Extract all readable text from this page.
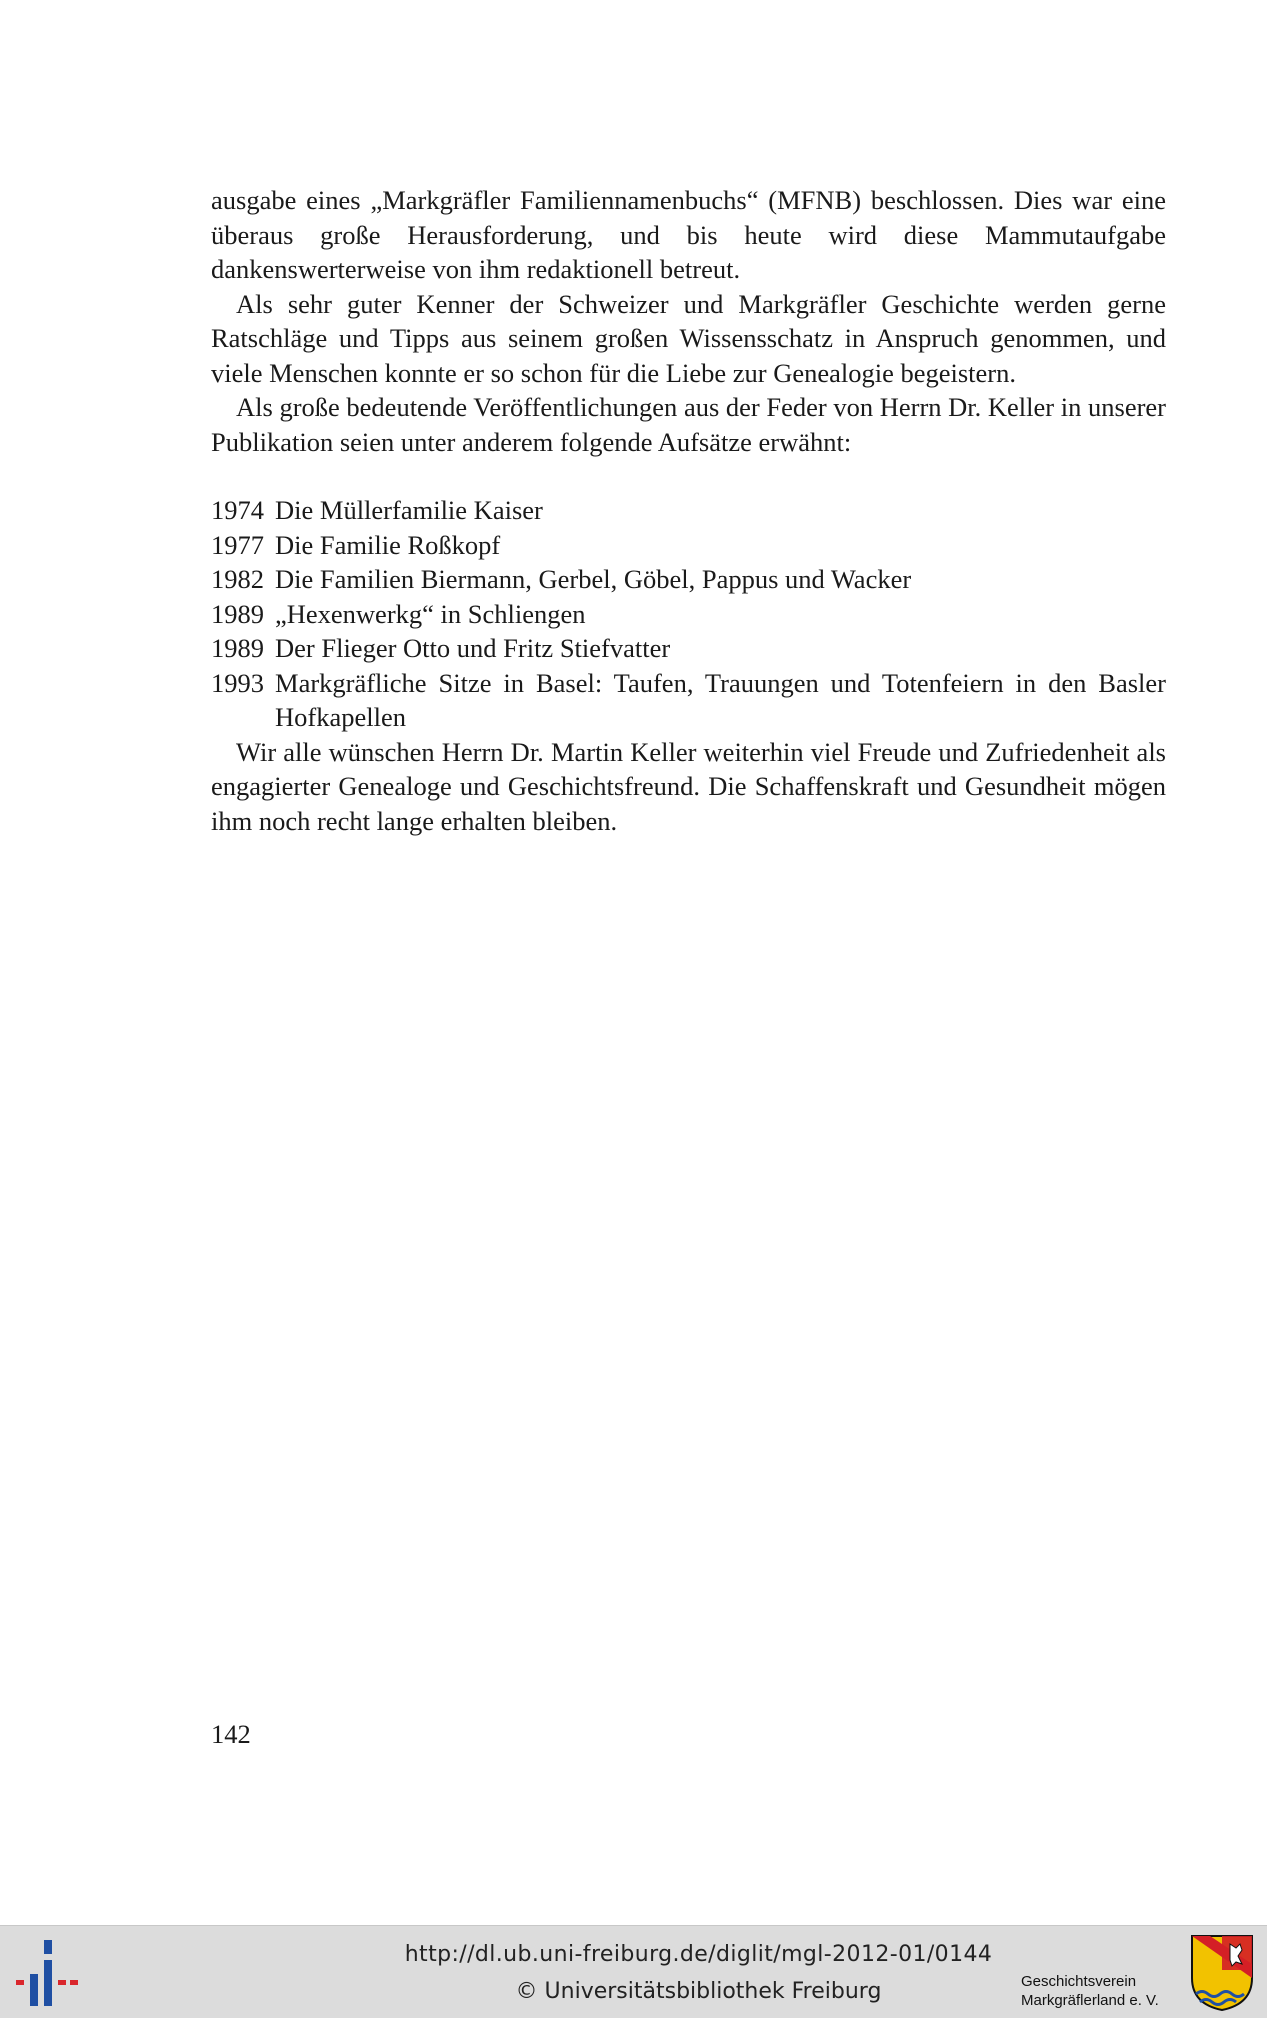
ausgabe eines „Markgräfler Familiennamenbuchs“ (MFNB) beschlossen. Dies war eine überaus große Herausforderung, und bis heute wird diese Mammutaufgabe dankenswerterweise von ihm redaktionell betreut.

Als sehr guter Kenner der Schweizer und Markgräfler Geschichte werden gerne Ratschläge und Tipps aus seinem großen Wissensschatz in Anspruch genommen, und viele Menschen konnte er so schon für die Liebe zur Genealogie begeistern.

Als große bedeutende Veröffentlichungen aus der Feder von Herrn Dr. Keller in unserer Publikation seien unter anderem folgende Aufsätze erwähnt:

1974 Die Müllerfamilie Kaiser
1977 Die Familie Roßkopf
1982 Die Familien Biermann, Gerbel, Göbel, Pappus und Wacker
1989 „Hexenwerkg“ in Schliengen
1989 Der Flieger Otto und Fritz Stiefvatter
1993 Markgräfliche Sitze in Basel: Taufen, Trauungen und Totenfeiern in den Basler Hofkapellen

Wir alle wünschen Herrn Dr. Martin Keller weiterhin viel Freude und Zufriedenheit als engagierter Genealoge und Geschichtsfreund. Die Schaffenskraft und Gesundheit mögen ihm noch recht lange erhalten bleiben.

142
http://dl.ub.uni-freiburg.de/diglit/mgl-2012-01/0144
© Universitätsbibliothek Freiburg	Geschichtsverein
Markgräflerland e. V.
